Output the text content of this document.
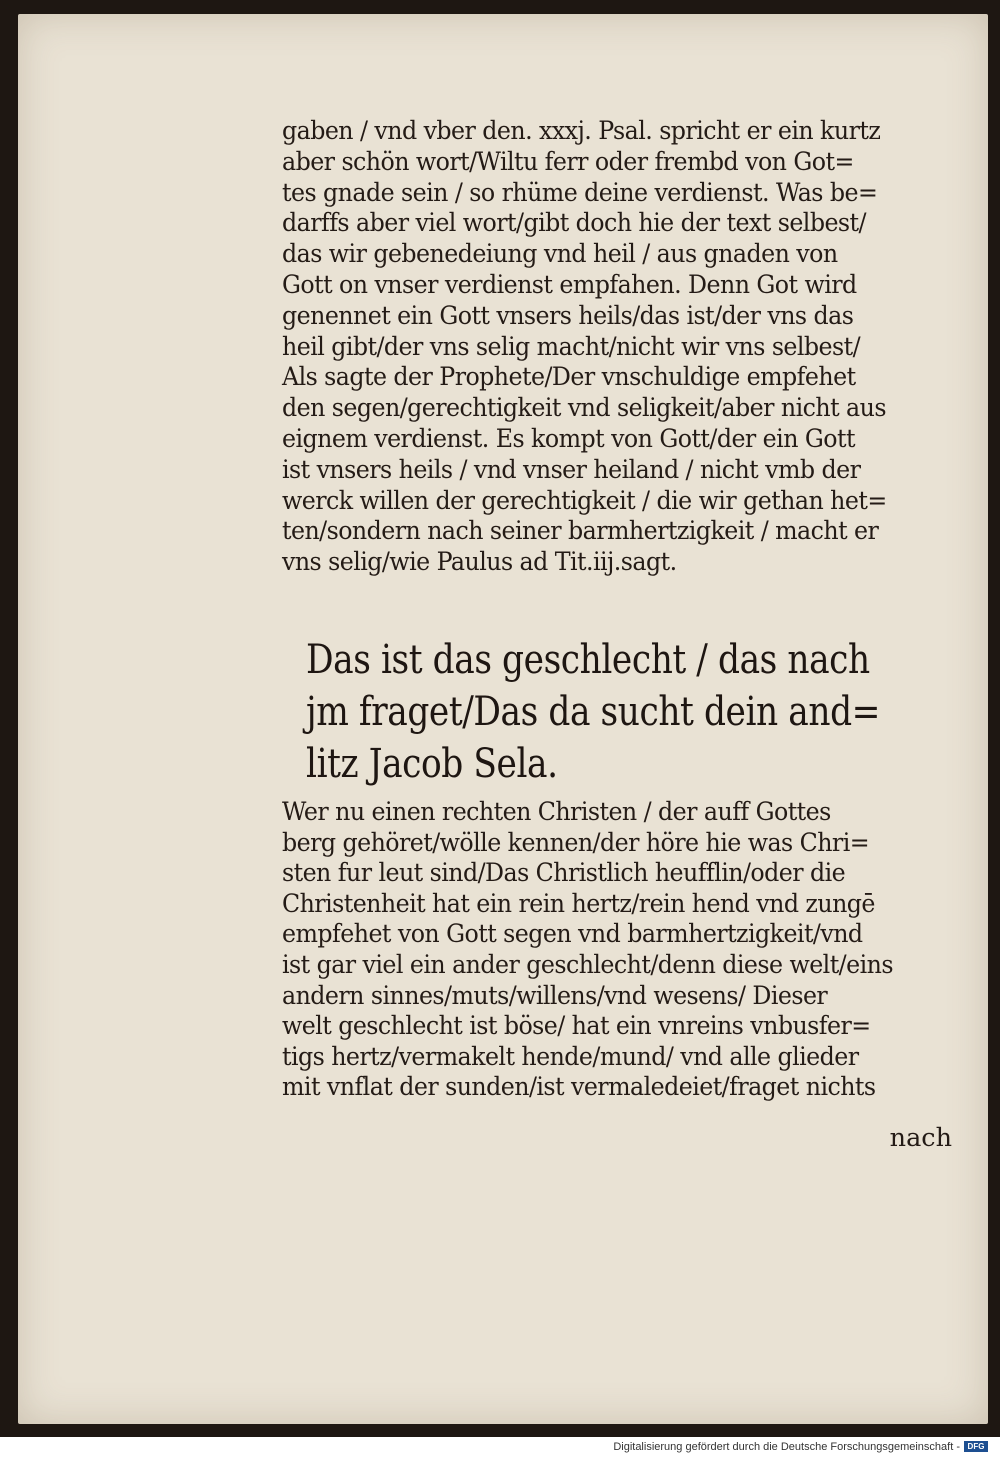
gaben / vnd vber den. xxxj. Psal. spricht er ein kurtz
aber schön wort/Wiltu ferr oder frembd von Got=
tes gnade sein / so rhüme deine verdienst. Was be=
darffs aber viel wort/gibt doch hie der text selbest/
das wir gebenedeiung vnd heil / aus gnaden von
Gott on vnser verdienst empfahen. Denn Got wird
genennet ein Gott vnsers heils/das ist/der vns das
heil gibt/der vns selig macht/nicht wir vns selbest/
Als sagte der Prophete/Der vnschuldige empfehet
den segen/gerechtigkeit vnd seligkeit/aber nicht aus
eignem verdienst. Es kompt von Gott/der ein Gott
ist vnsers heils / vnd vnser heiland / nicht vmb der
werck willen der gerechtigkeit / die wir gethan het=
ten/sondern nach seiner barmhertzigkeit / macht er
vns selig/wie Paulus ad Tit.iij.sagt.
Das ist das geschlecht / das nach
jm fraget/Das da sucht dein and=
litz Jacob Sela.
Wer nu einen rechten Christen / der auff Gottes
berg gehöret/wölle kennen/der höre hie was Chri=
sten fur leut sind/Das Christlich heufflin/oder die
Christenheit hat ein rein hertz/rein hend vnd zungē
empfehet von Gott segen vnd barmhertzigkeit/vnd
ist gar viel ein ander geschlecht/denn diese welt/eins
andern sinnes/muts/willens/vnd wesens/ Dieser
welt geschlecht ist böse/ hat ein vnreins vnbusfer=
tigs hertz/vermakelt hende/mund/ vnd alle glieder
mit vnflat der sunden/ist vermaledeiet/fraget nichts
nach
Digitalisierung gefördert durch die Deutsche Forschungsgemeinschaft - DFG
